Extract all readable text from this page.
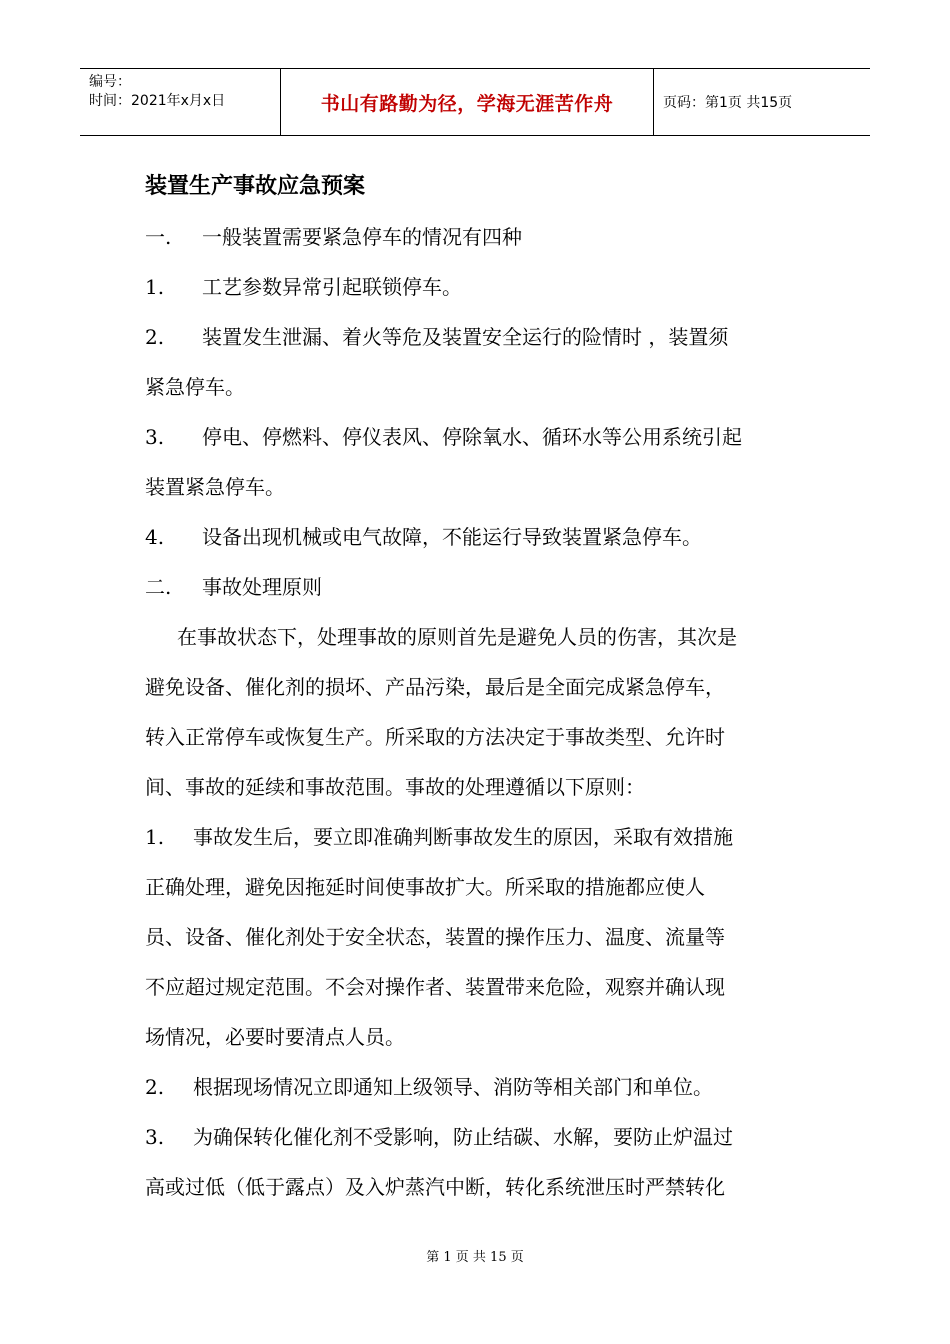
编号：
时间：2021年x月x日	书山有路勤为径，学海无涯苦作舟	页码：第1页 共15页
装置生产事故应急预案
一. 一般装置需要紧急停车的情况有四种
1. 工艺参数异常引起联锁停车。
2. 装置发生泄漏、着火等危及装置安全运行的险情时 ，装置须
紧急停车。
3. 停电、停燃料、停仪表风、停除氧水、循环水等公用系统引起
装置紧急停车。
4. 设备出现机械或电气故障，不能运行导致装置紧急停车。
二. 事故处理原则
在事故状态下，处理事故的原则首先是避免人员的伤害，其次是
避免设备、催化剂的损坏、产品污染，最后是全面完成紧急停车，
转入正常停车或恢复生产。所采取的方法决定于事故类型、允许时
间、事故的延续和事故范围。事故的处理遵循以下原则：
1. 事故发生后，要立即准确判断事故发生的原因，采取有效措施
正确处理，避免因拖延时间使事故扩大。所采取的措施都应使人
员、设备、催化剂处于安全状态，装置的操作压力、温度、流量等
不应超过规定范围。不会对操作者、装置带来危险，观察并确认现
场情况，必要时要清点人员。
2. 根据现场情况立即通知上级领导、消防等相关部门和单位。
3. 为确保转化催化剂不受影响，防止结碳、水解，要防止炉温过
高或过低（低于露点）及入炉蒸汽中断，转化系统泄压时严禁转化
第 1 页 共 15 页
